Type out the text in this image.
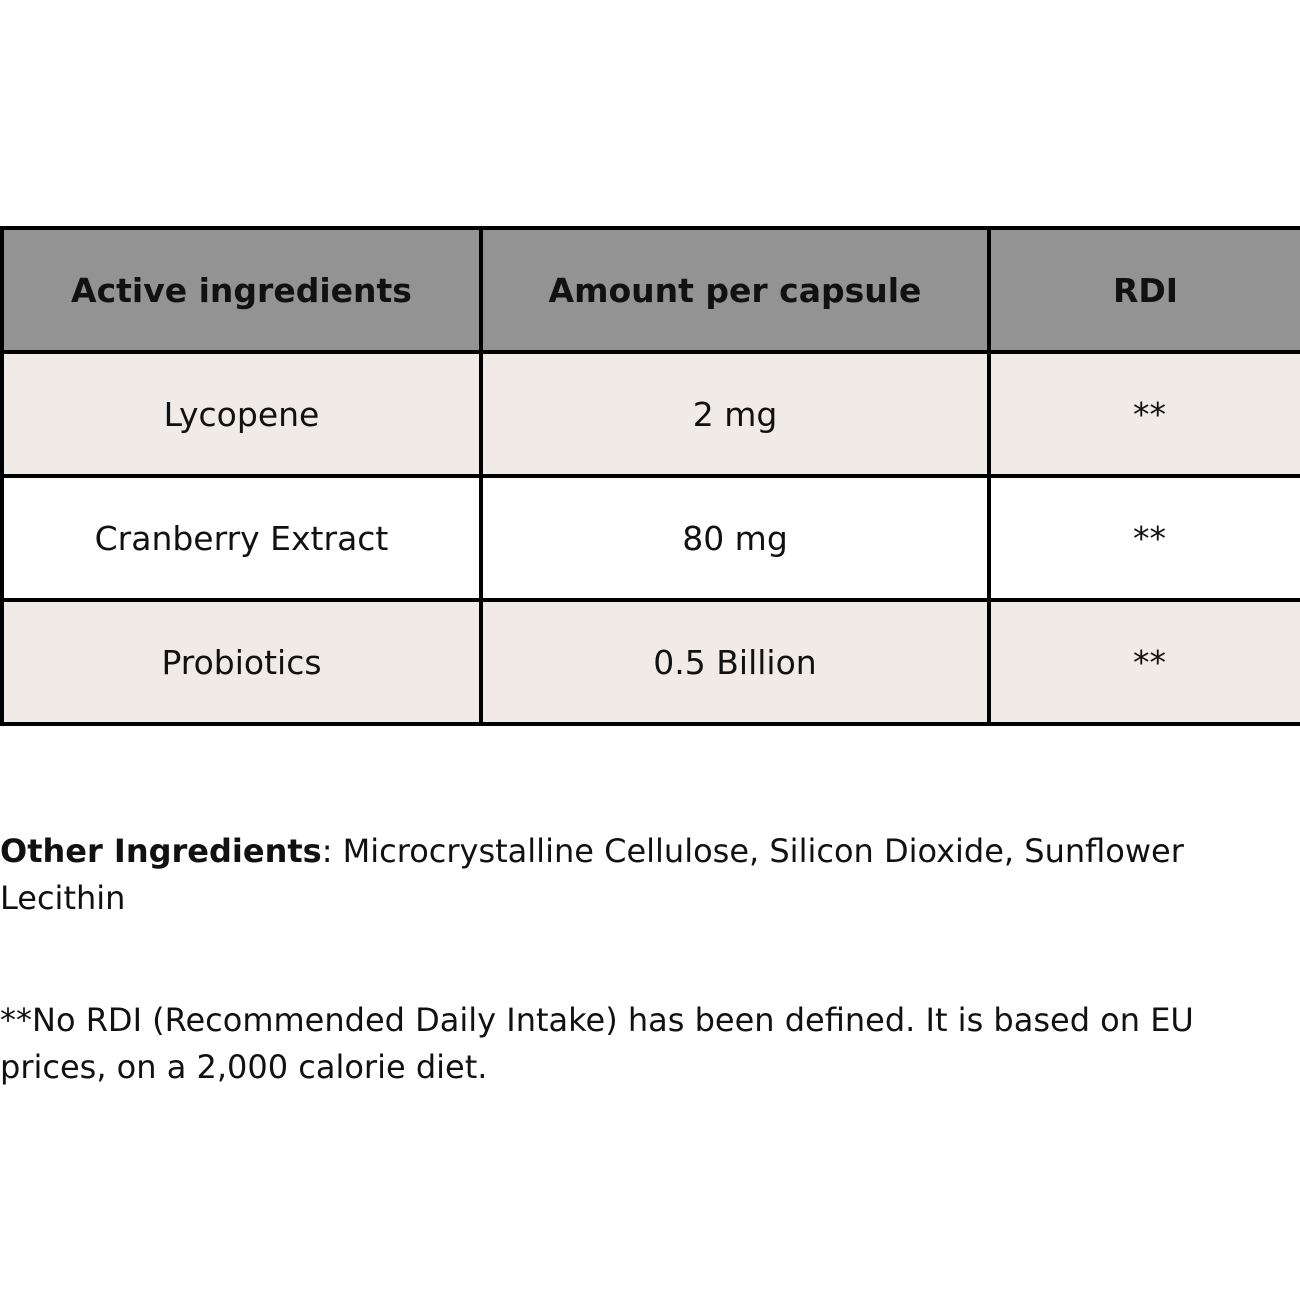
Active ingredients	Amount per capsule	RDI
Lycopene	2 mg	**
Cranberry Extract	80 mg	**
Probiotics	0.5 Billion	**
Other Ingredients: Microcrystalline Cellulose, Silicon Dioxide, Sunflower Lecithin
**No RDI (Recommended Daily Intake) has been defined. It is based on EU prices, on a 2,000 calorie diet.
